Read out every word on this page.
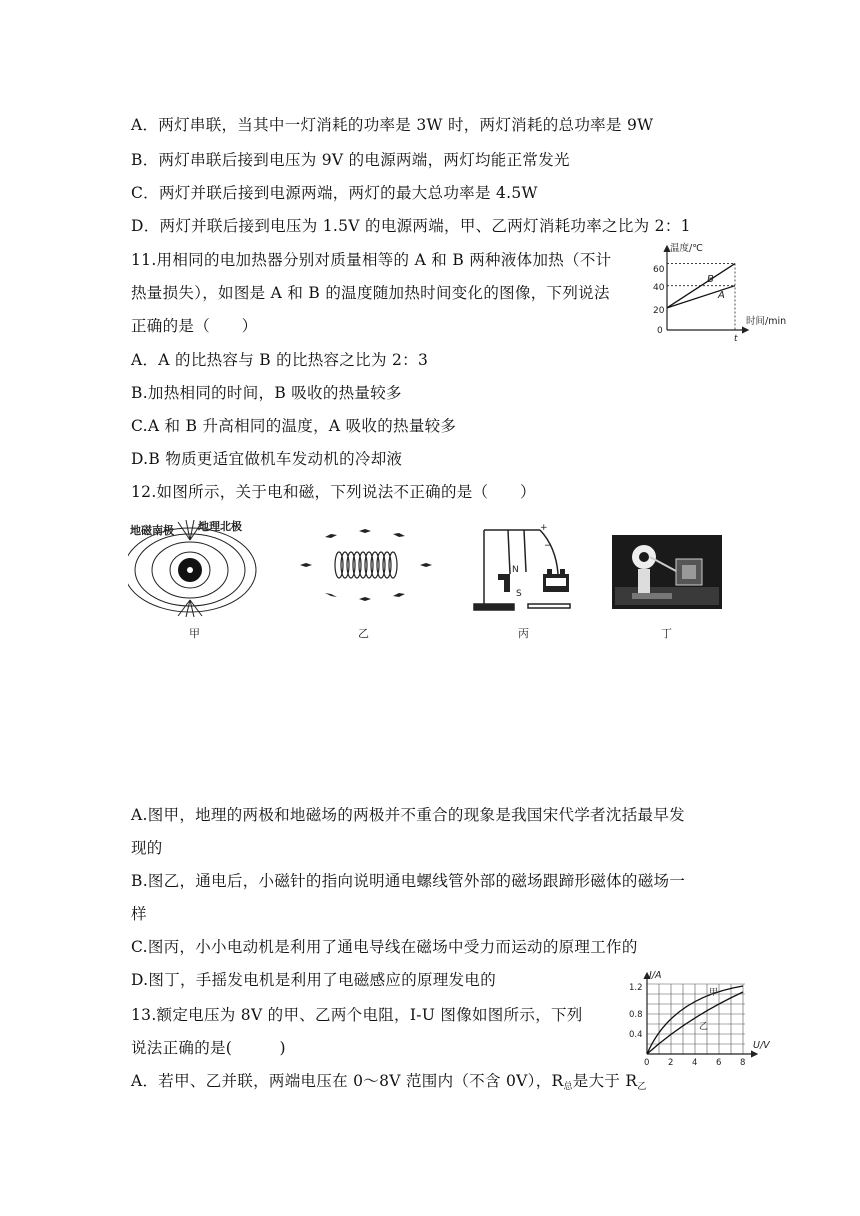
A．两灯串联，当其中一灯消耗的功率是 3W 时，两灯消耗的总功率是 9W
B．两灯串联后接到电压为 9V 的电源两端，两灯均能正常发光
C．两灯并联后接到电源两端，两灯的最大总功率是 4.5W
D．两灯并联后接到电压为 1.5V 的电源两端，甲、乙两灯消耗功率之比为 2：1
11.用相同的电加热器分别对质量相等的 A 和 B 两种液体加热（不计
热量损失），如图是 A 和 B 的温度随加热时间变化的图像，下列说法
正确的是（　　）
A．A 的比热容与 B 的比热容之比为 2：3
B.加热相同的时间，B 吸收的热量较多
C.A 和 B 升高相同的温度，A 吸收的热量较多
D.B 物质更适宜做机车发动机的冷却液
温度/℃
时间/min
0
20
40
60
t
B
A
12.如图所示，关于电和磁，下列说法不正确的是（　　）
地磁南极 地理北极
N
S
+
−
甲	乙	丙	丁
A.图甲，地理的两极和地磁场的两极并不重合的现象是我国宋代学者沈括最早发
现的
B.图乙，通电后，小磁针的指向说明通电螺线管外部的磁场跟蹄形磁体的磁场一
样
C.图丙，小小电动机是利用了通电导线在磁场中受力而运动的原理工作的
D.图丁，手摇发电机是利用了电磁感应的原理发电的
13.额定电压为 8V 的甲、乙两个电阻，I-U 图像如图所示，下列
说法正确的是(　　　)
A．若甲、乙并联，两端电压在 0～8V 范围内（不含 0V），$R_总$是大于 $R_乙$
I/A
U/V
0.4
0.8
1.2
0 2 4 6 8
甲
乙
